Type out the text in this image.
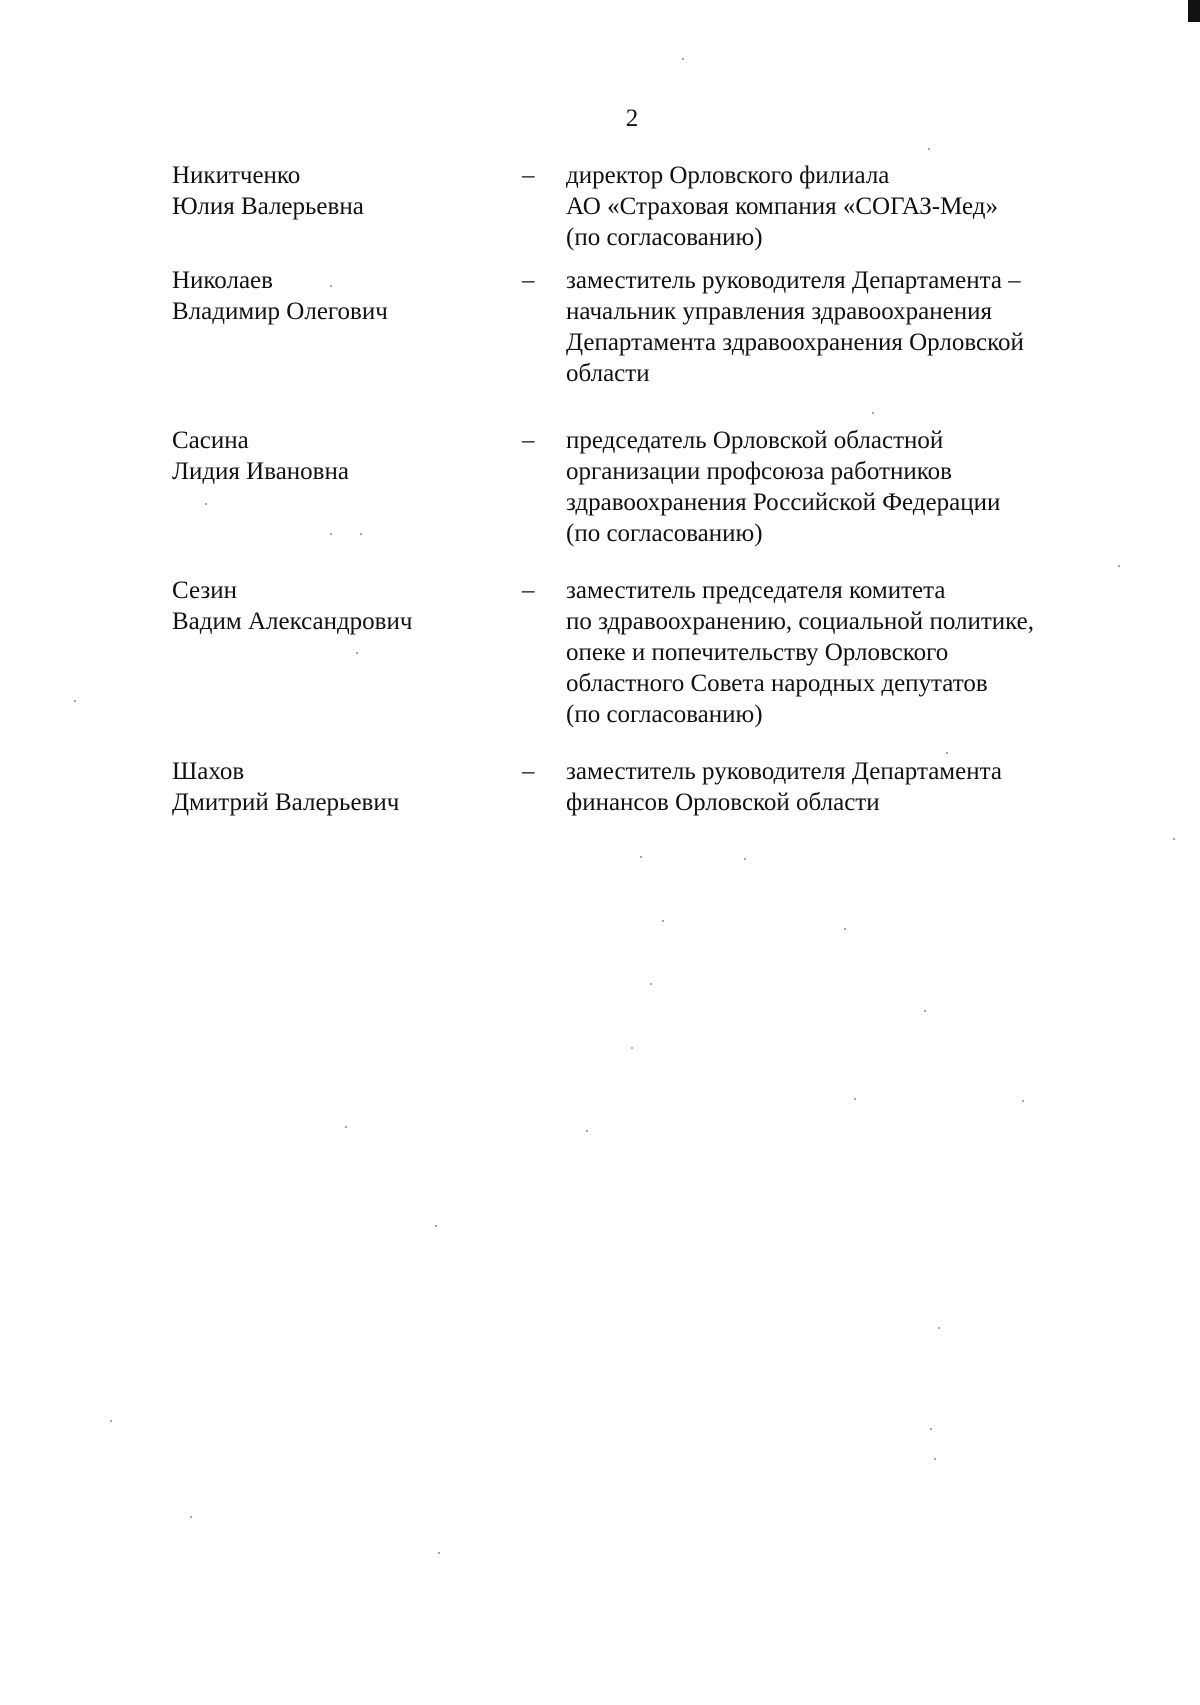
2
Никитченко
Юлия Валерьевна
– директор Орловского филиала
АО «Страховая компания «СОГАЗ-Мед»
(по согласованию)
Николаев
Владимир Олегович
– заместитель руководителя Департамента –
начальник управления здравоохранения
Департамента здравоохранения Орловской
области
Сасина
Лидия Ивановна
– председатель Орловской областной
организации профсоюза работников
здравоохранения Российской Федерации
(по согласованию)
Сезин
Вадим Александрович
– заместитель председателя комитета
по здравоохранению, социальной политике,
опеке и попечительству Орловского
областного Совета народных депутатов
(по согласованию)
Шахов
Дмитрий Валерьевич
– заместитель руководителя Департамента
финансов Орловской области
